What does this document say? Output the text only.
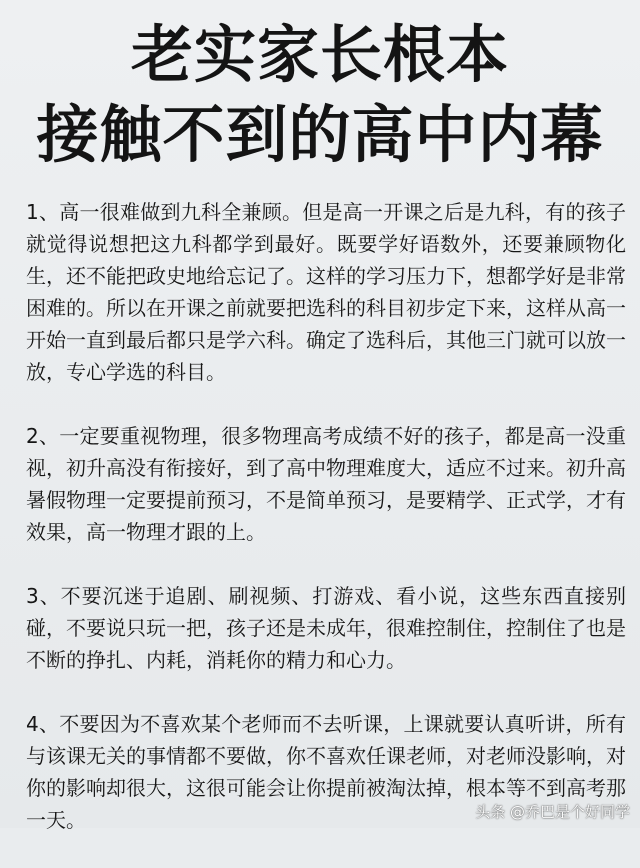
老实家长根本
接触不到的高中内幕

1、高一很难做到九科全兼顾。但是高一开课之后是九科，有的孩子就觉得说想把这九科都学到最好。既要学好语数外，还要兼顾物化生，还不能把政史地给忘记了。这样的学习压力下，想都学好是非常困难的。所以在开课之前就要把选科的科目初步定下来，这样从高一开始一直到最后都只是学六科。确定了选科后，其他三门就可以放一放，专心学选的科目。

2、一定要重视物理，很多物理高考成绩不好的孩子，都是高一没重视，初升高没有衔接好，到了高中物理难度大，适应不过来。初升高暑假物理一定要提前预习，不是简单预习，是要精学、正式学，才有效果，高一物理才跟的上。

3、不要沉迷于追剧、刷视频、打游戏、看小说，这些东西直接别碰，不要说只玩一把，孩子还是未成年，很难控制住，控制住了也是不断的挣扎、内耗，消耗你的精力和心力。

4、不要因为不喜欢某个老师而不去听课，上课就要认真听讲，所有与该课无关的事情都不要做，你不喜欢任课老师，对老师没影响，对你的影响却很大，这很可能会让你提前被淘汰掉，根本等不到高考那一天。	头条 @乔巴是个好同学
